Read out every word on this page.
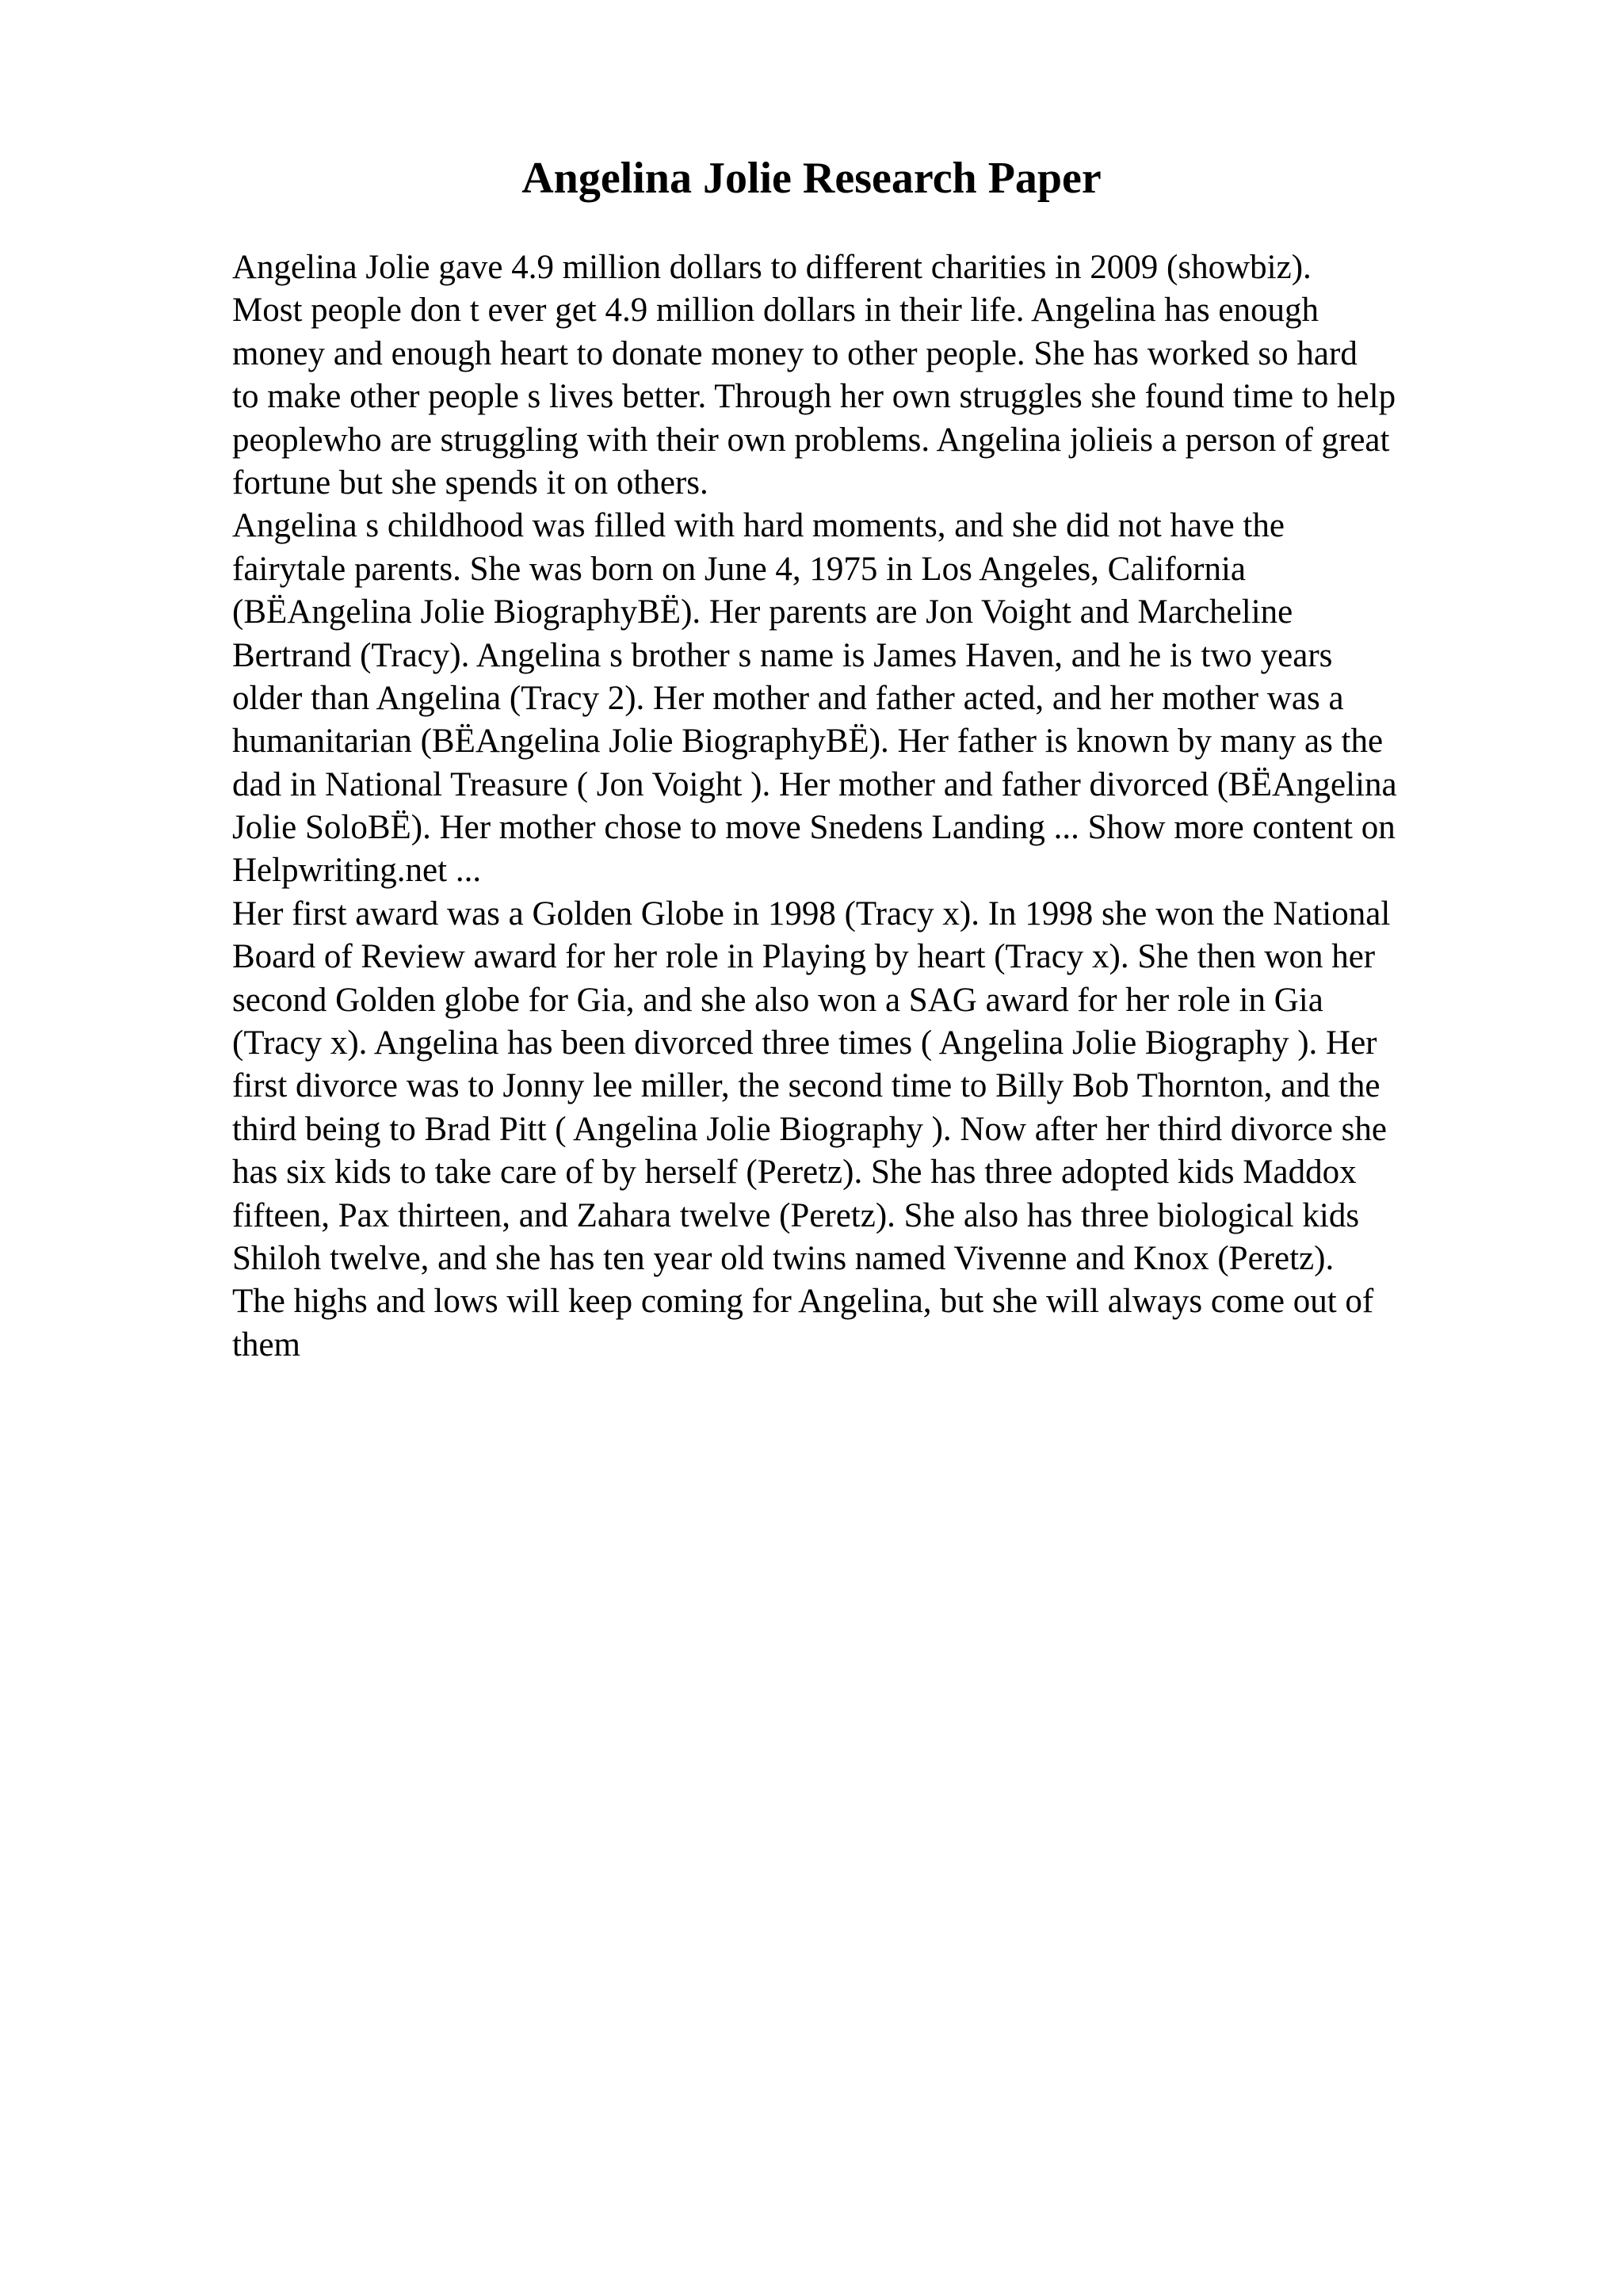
Angelina Jolie Research Paper
Angelina Jolie gave 4.9 million dollars to different charities in 2009 (showbiz).
Most people don t ever get 4.9 million dollars in their life. Angelina has enough
money and enough heart to donate money to other people. She has worked so hard
to make other people s lives better. Through her own struggles she found time to help
peoplewho are struggling with their own problems. Angelina jolieis a person of great
fortune but she spends it on others.
Angelina s childhood was filled with hard moments, and she did not have the
fairytale parents. She was born on June 4, 1975 in Los Angeles, California
(BËAngelina Jolie BiographyBË). Her parents are Jon Voight and Marcheline
Bertrand (Tracy). Angelina s brother s name is James Haven, and he is two years
older than Angelina (Tracy 2). Her mother and father acted, and her mother was a
humanitarian (BËAngelina Jolie BiographyBË). Her father is known by many as the
dad in National Treasure ( Jon Voight ). Her mother and father divorced (BËAngelina
Jolie SoloBË). Her mother chose to move Snedens Landing ... Show more content on
Helpwriting.net ...
Her first award was a Golden Globe in 1998 (Tracy x). In 1998 she won the National
Board of Review award for her role in Playing by heart (Tracy x). She then won her
second Golden globe for Gia, and she also won a SAG award for her role in Gia
(Tracy x). Angelina has been divorced three times ( Angelina Jolie Biography ). Her
first divorce was to Jonny lee miller, the second time to Billy Bob Thornton, and the
third being to Brad Pitt ( Angelina Jolie Biography ). Now after her third divorce she
has six kids to take care of by herself (Peretz). She has three adopted kids Maddox
fifteen, Pax thirteen, and Zahara twelve (Peretz). She also has three biological kids
Shiloh twelve, and she has ten year old twins named Vivenne and Knox (Peretz).
The highs and lows will keep coming for Angelina, but she will always come out of
them
